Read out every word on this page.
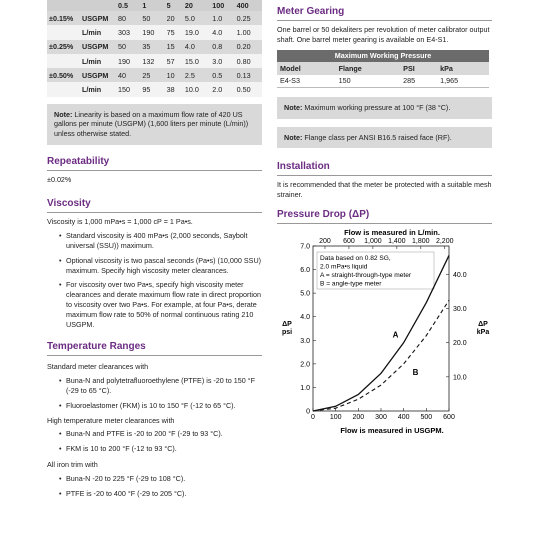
		0.5	1	5	20	100	400
±0.15%	USGPM	80	50	20	5.0	1.0	0.25
	L/min	303	190	75	19.0	4.0	1.00
±0.25%	USGPM	50	35	15	4.0	0.8	0.20
	L/min	190	132	57	15.0	3.0	0.80
±0.50%	USGPM	40	25	10	2.5	0.5	0.13
	L/min	150	95	38	10.0	2.0	0.50
Note: Linearity is based on a maximum flow rate of 420 US gallons per minute (USGPM) (1,600 liters per minute (L/min)) unless otherwise stated.
Repeatability

±0.02%

Viscosity

Viscosity is 1,000 mPa•s = 1,000 cP = 1 Pa•s.

• Standard viscosity is 400 mPa•s (2,000 seconds, Saybolt universal (SSU)) maximum.
• Optional viscosity is two pascal seconds (Pa•s) (10,000 SSU) maximum. Specify high viscosity meter clearances.
• For viscosity over two Pa•s, specify high viscosity meter clearances and derate maximum flow rate in direct proportion to viscosity over two Pa•s. For example, at four Pa•s, derate maximum flow rate to 50% of normal continuous rating 210 USGPM.
Temperature Ranges

Standard meter clearances with

• Buna-N and polytetrafluoroethylene (PTFE) is -20 to 150 °F (-29 to 65 °C).
• Fluoroelastomer (FKM) is 10 to 150 °F (-12 to 65 °C).

High temperature meter clearances with

• Buna-N and PTFE is -20 to 200 °F (-29 to 93 °C).
• FKM is 10 to 200 °F (-12 to 93 °C).

All iron trim with

• Buna-N -20 to 225 °F (-29 to 108 °C).
• PTFE is -20 to 400 °F (-29 to 205 °C).
Meter Gearing

One barrel or 50 dekaliters per revolution of meter calibrator output shaft. One barrel meter gearing is available on E4-S1.

Maximum Working Pressure			
Model	Flange	PSI	kPa
E4-S3	150	285	1,965
Note: Maximum working pressure at 100 °F (38 °C).
Note: Flange class per ANSI B16.5 raised face (RF).
Installation

It is recommended that the meter be protected with a suitable mesh strainer.

Pressure Drop (ΔP)
Flow is measured in L/min.
Flow is measured in USGPM.
0 100 200 300 400 500 600
0
1.0
2.0
3.0
4.0
5.0
6.0
7.0
200 600 1,000 1,400 1,800 2,200
10.0
20.0
30.0
40.0
ΔP
psi
ΔP
kPa
Data based on 0.82 SG,
2.0 mPa•s liquid
A = straight-through-type meter
B = angle-type meter
A
B
